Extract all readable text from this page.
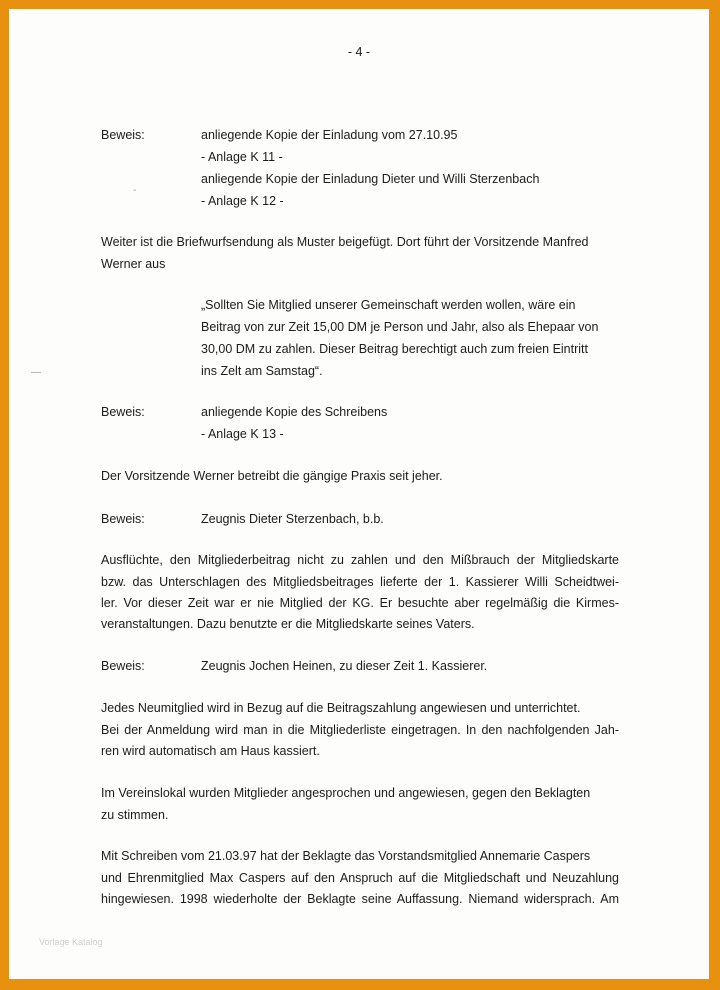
- 4 -
Beweis:	anliegende Kopie der Einladung vom 27.10.95
- Anlage K 11 -
anliegende Kopie der Einladung Dieter und Willi Sterzenbach
- Anlage K 12 -
-
Weiter ist die Briefwurfsendung als Muster beigefügt. Dort führt der Vorsitzende Manfred
Werner aus
„Sollten Sie Mitglied unserer Gemeinschaft werden wollen, wäre ein
Beitrag von zur Zeit 15,00 DM je Person und Jahr, also als Ehepaar von
30,00 DM zu zahlen. Dieser Beitrag berechtigt auch zum freien Eintritt
ins Zelt am Samstag“.
—
Beweis:	anliegende Kopie des Schreibens
- Anlage K 13 -
Der Vorsitzende Werner betreibt die gängige Praxis seit jeher.
Beweis:	Zeugnis Dieter Sterzenbach, b.b.
Ausflüchte, den Mitgliederbeitrag nicht zu zahlen und den Mißbrauch der Mitgliedskarte
bzw. das Unterschlagen des Mitgliedsbeitrages lieferte der 1. Kassierer Willi Scheidtwei-
ler. Vor dieser Zeit war er nie Mitglied der KG. Er besuchte aber regelmäßig die Kirmes-
veranstaltungen. Dazu benutzte er die Mitgliedskarte seines Vaters.
Beweis:	Zeugnis Jochen Heinen, zu dieser Zeit 1. Kassierer.
Jedes Neumitglied wird in Bezug auf die Beitragszahlung angewiesen und unterrichtet.
Bei der Anmeldung wird man in die Mitgliederliste eingetragen. In den nachfolgenden Jah-
ren wird automatisch am Haus kassiert.
Im Vereinslokal wurden Mitglieder angesprochen und angewiesen, gegen den Beklagten
zu stimmen.
Mit Schreiben vom 21.03.97 hat der Beklagte das Vorstandsmitglied Annemarie Caspers
und Ehrenmitglied Max Caspers auf den Anspruch auf die Mitgliedschaft und Neuzahlung
hingewiesen. 1998 wiederholte der Beklagte seine Auffassung. Niemand widersprach. Am
Vorlage Katalog
